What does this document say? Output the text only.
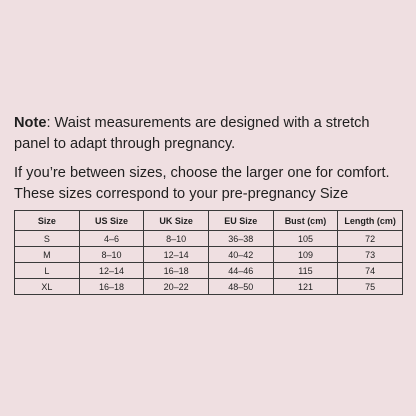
Note: Waist measurements are designed with a stretch panel to adapt through pregnancy.

If you’re between sizes, choose the larger one for comfort. These sizes correspond to your pre-pregnancy Size

Size	US Size	UK Size	EU Size	Bust (cm)	Length (cm)
S	4–6	8–10	36–38	105	72
M	8–10	12–14	40–42	109	73
L	12–14	16–18	44–46	115	74
XL	16–18	20–22	48–50	121	75
